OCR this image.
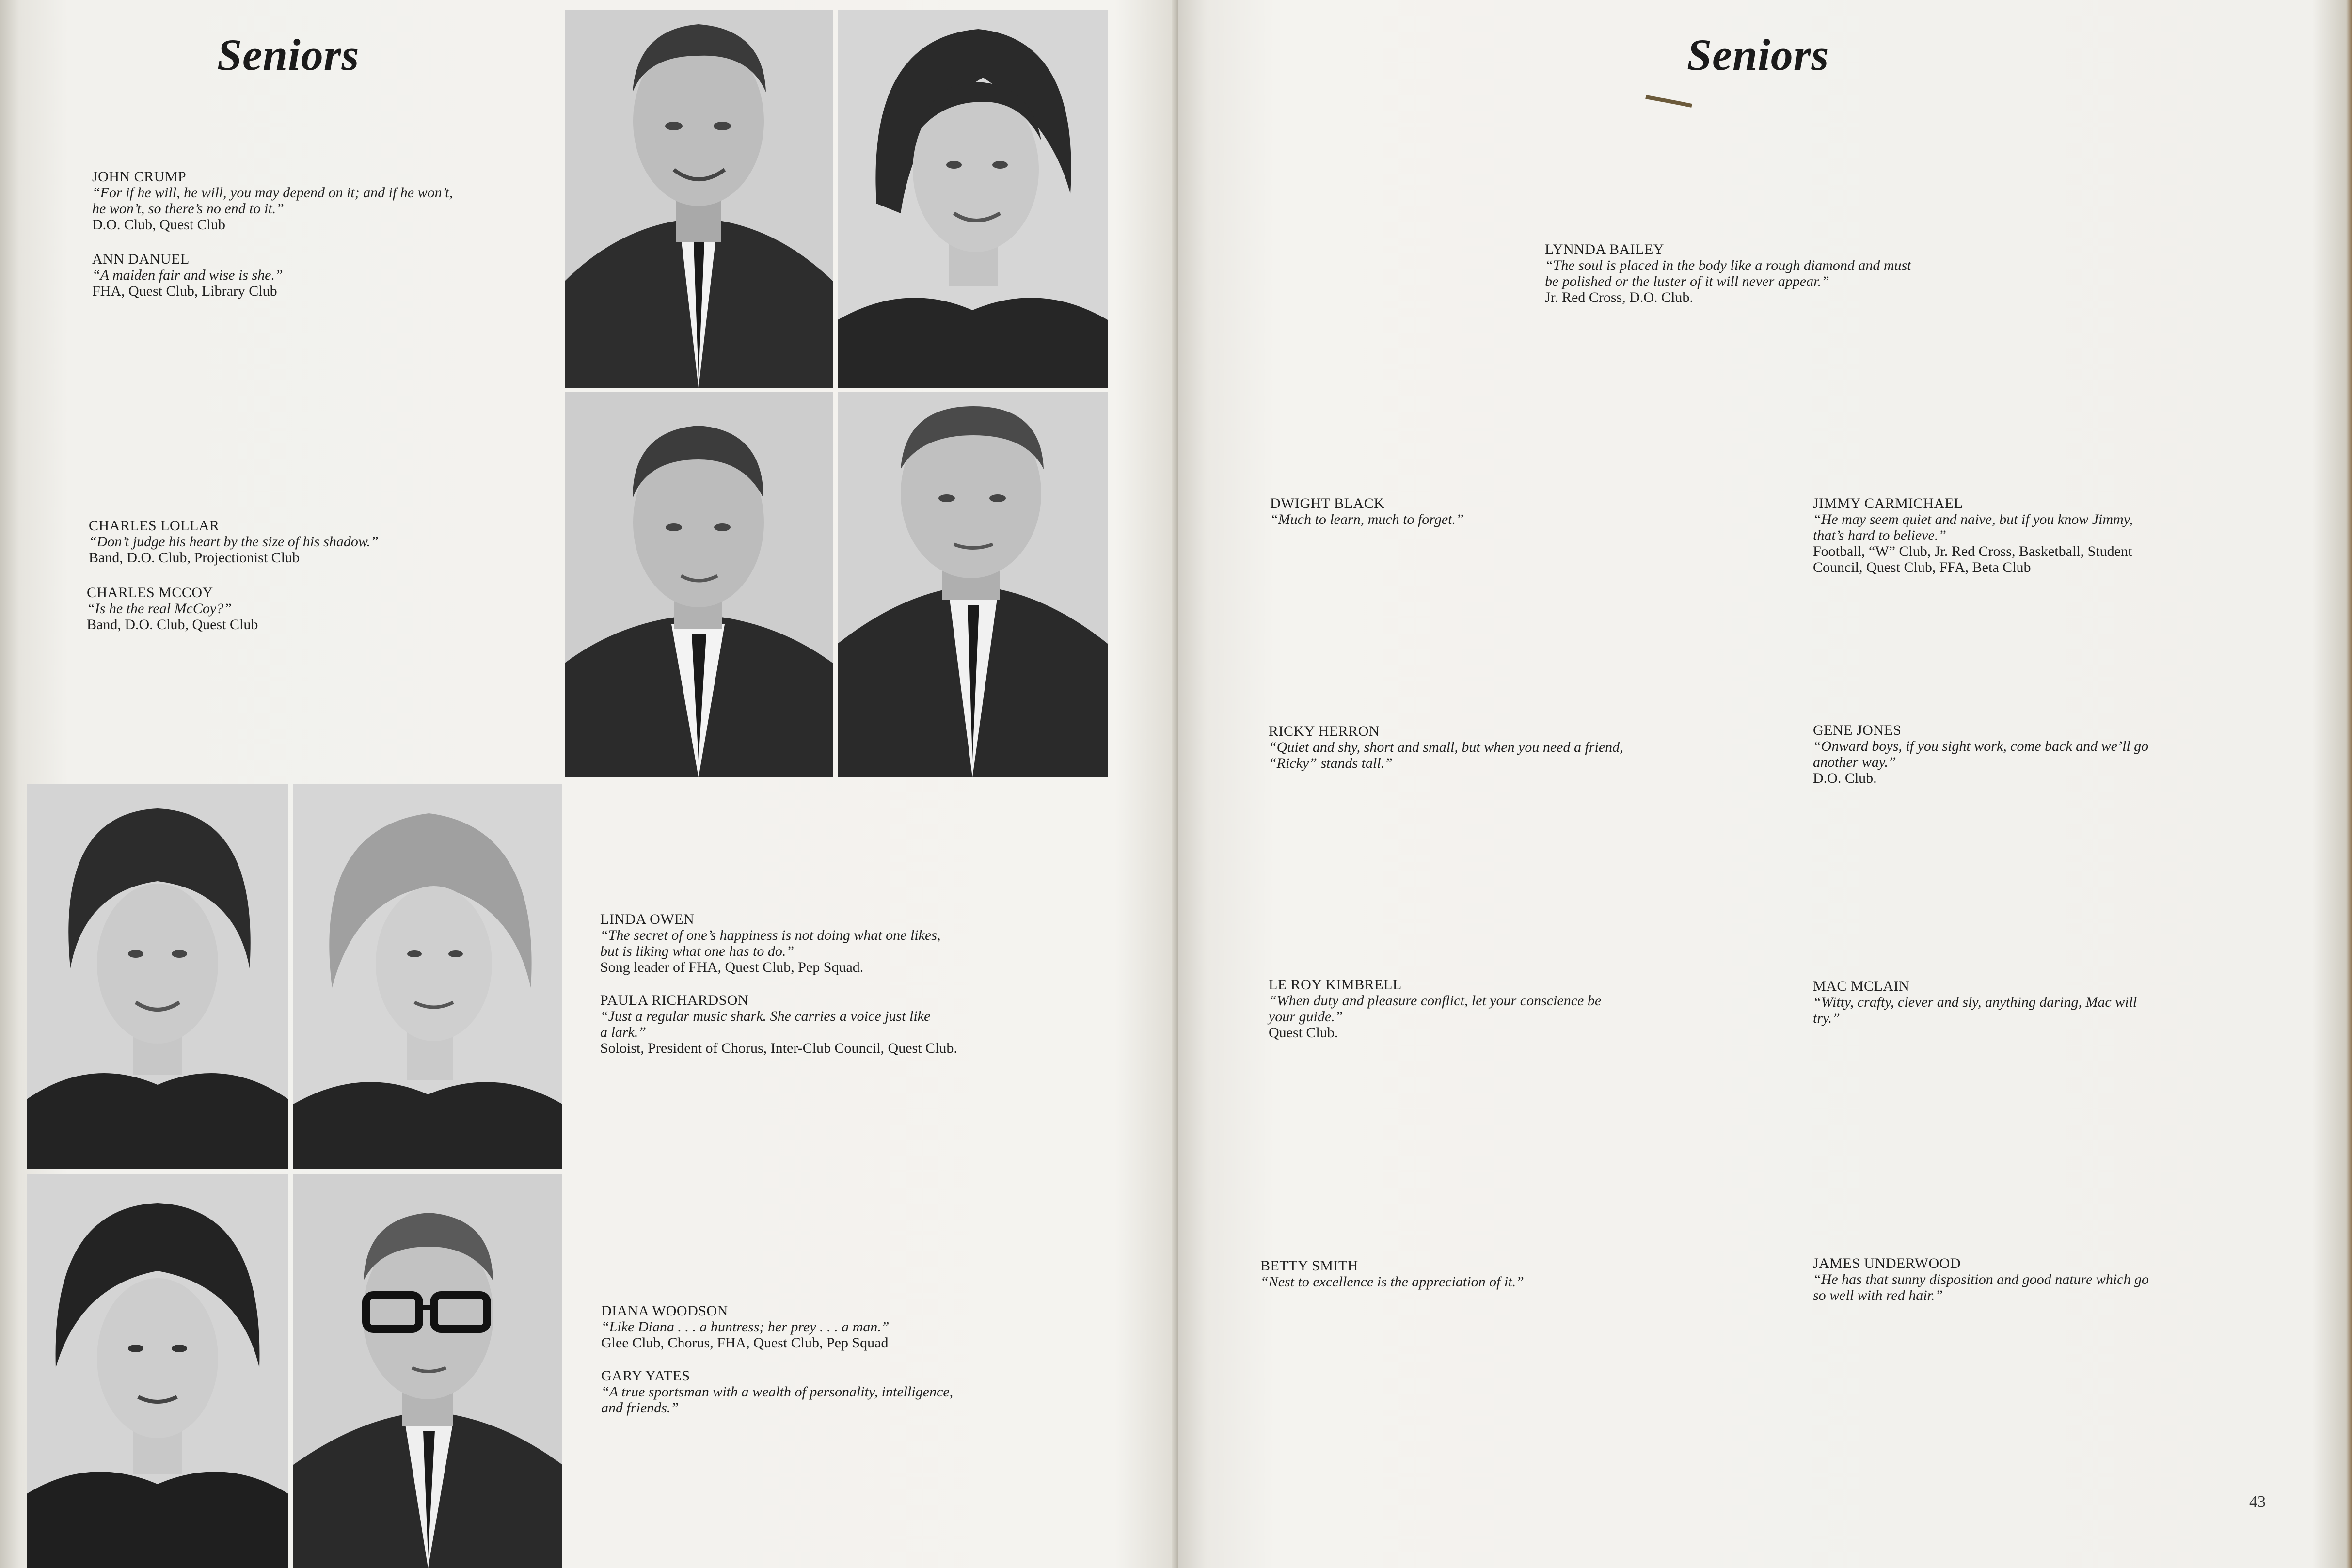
Seniors
JOHN CRUMP
“For if he will, he will, you may depend on it; and if he won’t,
he won’t, so there’s no end to it.”
D.O. Club, Quest Club
ANN DANUEL
“A maiden fair and wise is she.”
FHA, Quest Club, Library Club
CHARLES LOLLAR
“Don’t judge his heart by the size of his shadow.”
Band, D.O. Club, Projectionist Club
CHARLES MCCOY
“Is he the real McCoy?”
Band, D.O. Club, Quest Club
LINDA OWEN
“The secret of one’s happiness is not doing what one likes,
but is liking what one has to do.”
Song leader of FHA, Quest Club, Pep Squad.
PAULA RICHARDSON
“Just a regular music shark. She carries a voice just like
a lark.”
Soloist, President of Chorus, Inter-Club Council, Quest Club.
DIANA WOODSON
“Like Diana . . . a huntress; her prey . . . a man.”
Glee Club, Chorus, FHA, Quest Club, Pep Squad
GARY YATES
“A true sportsman with a wealth of personality, intelligence,
and friends.”
Seniors
LYNNDA BAILEY
“The soul is placed in the body like a rough diamond and must
be polished or the luster of it will never appear.”
Jr. Red Cross, D.O. Club.
DWIGHT BLACK
“Much to learn, much to forget.”
JIMMY CARMICHAEL
“He may seem quiet and naive, but if you know Jimmy,
that’s hard to believe.”
Football, “W” Club, Jr. Red Cross, Basketball, Student
Council, Quest Club, FFA, Beta Club
RICKY HERRON
“Quiet and shy, short and small, but when you need a friend,
“Ricky” stands tall.”
GENE JONES
“Onward boys, if you sight work, come back and we’ll go
another way.”
D.O. Club.
LE ROY KIMBRELL
“When duty and pleasure conflict, let your conscience be
your guide.”
Quest Club.
MAC MCLAIN
“Witty, crafty, clever and sly, anything daring, Mac will
try.”
BETTY SMITH
“Nest to excellence is the appreciation of it.”
JAMES UNDERWOOD
“He has that sunny disposition and good nature which go
so well with red hair.”
43
